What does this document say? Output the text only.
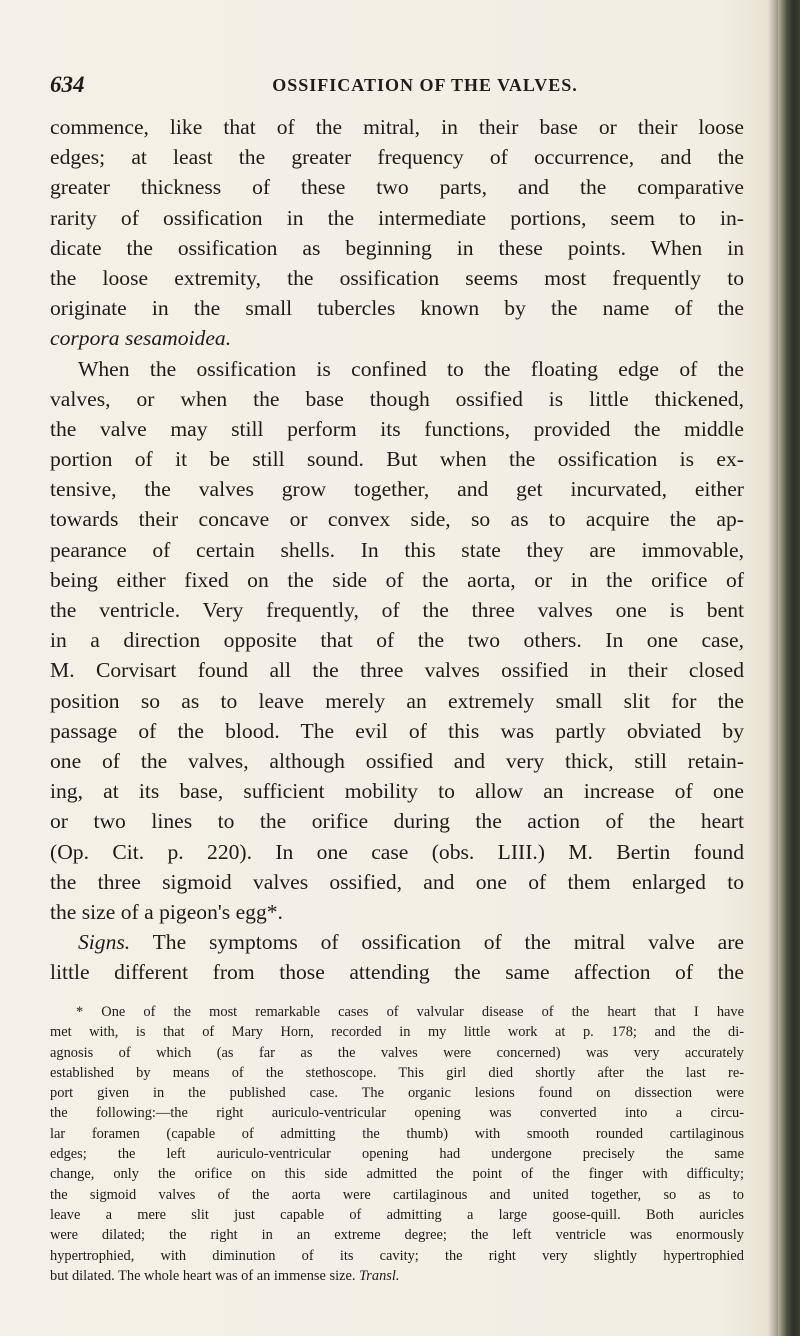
634	OSSIFICATION OF THE VALVES.
commence, like that of the mitral, in their base or their loose
edges; at least the greater frequency of occurrence, and the
greater thickness of these two parts, and the comparative
rarity of ossification in the intermediate portions, seem to in-
dicate the ossification as beginning in these points. When in
the loose extremity, the ossification seems most frequently to
originate in the small tubercles known by the name of the
corpora sesamoidea.
When the ossification is confined to the floating edge of the
valves, or when the base though ossified is little thickened,
the valve may still perform its functions, provided the middle
portion of it be still sound. But when the ossification is ex-
tensive, the valves grow together, and get incurvated, either
towards their concave or convex side, so as to acquire the ap-
pearance of certain shells. In this state they are immovable,
being either fixed on the side of the aorta, or in the orifice of
the ventricle. Very frequently, of the three valves one is bent
in a direction opposite that of the two others. In one case,
M. Corvisart found all the three valves ossified in their closed
position so as to leave merely an extremely small slit for the
passage of the blood. The evil of this was partly obviated by
one of the valves, although ossified and very thick, still retain-
ing, at its base, sufficient mobility to allow an increase of one
or two lines to the orifice during the action of the heart
(Op. Cit. p. 220). In one case (obs. LIII.) M. Bertin found
the three sigmoid valves ossified, and one of them enlarged to
the size of a pigeon's egg*.
Signs. The symptoms of ossification of the mitral valve are
little different from those attending the same affection of the
* One of the most remarkable cases of valvular disease of the heart that I have
met with, is that of Mary Horn, recorded in my little work at p. 178; and the di-
agnosis of which (as far as the valves were concerned) was very accurately
established by means of the stethoscope. This girl died shortly after the last re-
port given in the published case. The organic lesions found on dissection were
the following:—the right auriculo-ventricular opening was converted into a circu-
lar foramen (capable of admitting the thumb) with smooth rounded cartilaginous
edges; the left auriculo-ventricular opening had undergone precisely the same
change, only the orifice on this side admitted the point of the finger with difficulty;
the sigmoid valves of the aorta were cartilaginous and united together, so as to
leave a mere slit just capable of admitting a large goose-quill. Both auricles
were dilated; the right in an extreme degree; the left ventricle was enormously
hypertrophied, with diminution of its cavity; the right very slightly hypertrophied
but dilated. The whole heart was of an immense size. Transl.
